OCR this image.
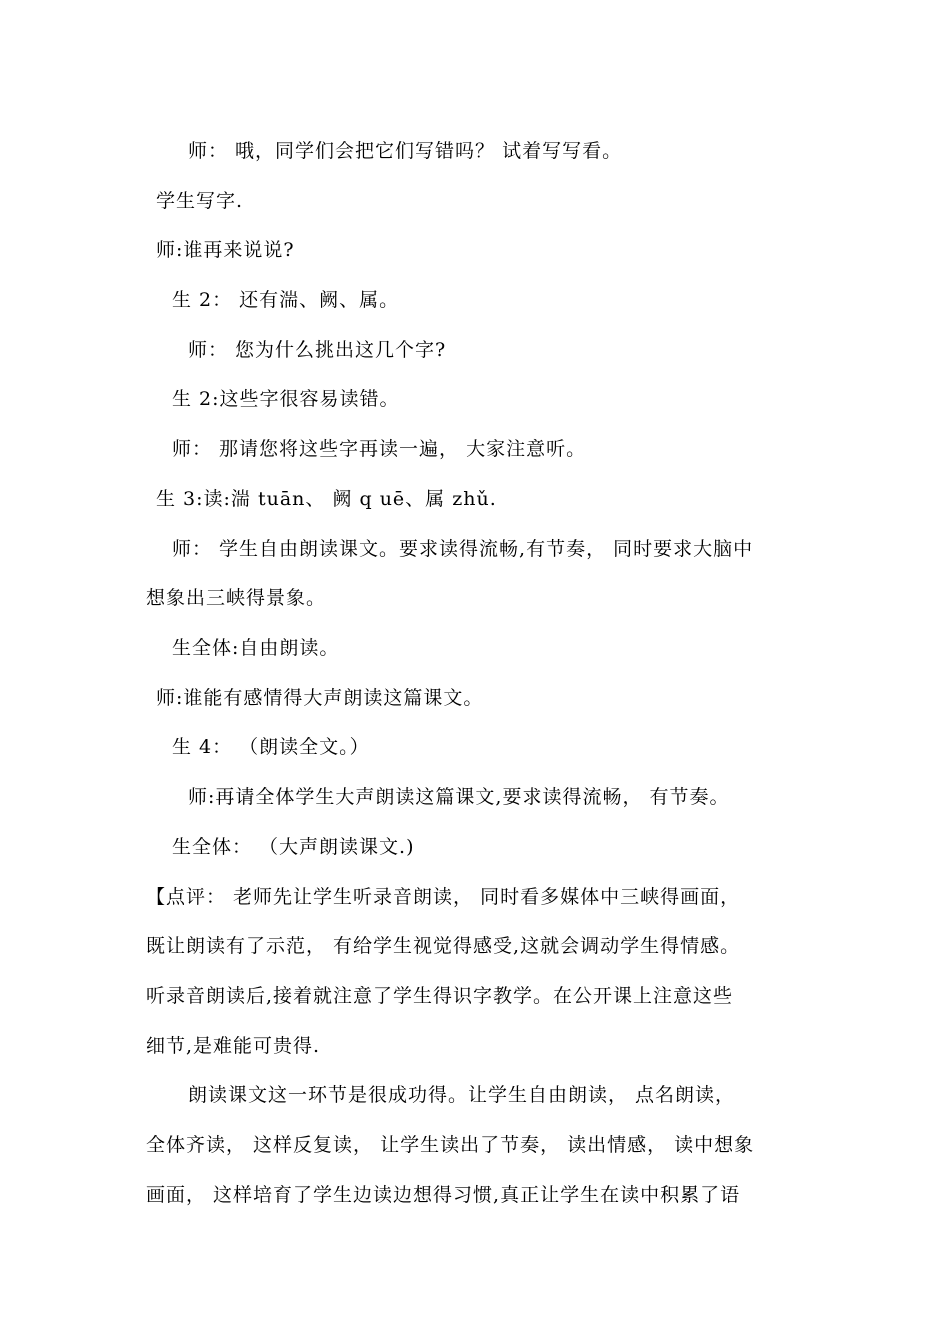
师： 哦，同学们会把它们写错吗？ 试着写写看。
学生写字.
师:谁再来说说?
生 2： 还有湍、阙、属。
师： 您为什么挑出这几个字?
生 2:这些字很容易读错。
师： 那请您将这些字再读一遍， 大家注意听。
生 3:读:湍 tuān、 阙 q uē、属 zhǔ.
师： 学生自由朗读课文。要求读得流畅,有节奏， 同时要求大脑中
想象出三峡得景象。
生全体:自由朗读。
师:谁能有感情得大声朗读这篇课文。
生 4： （朗读全文。）
师:再请全体学生大声朗读这篇课文,要求读得流畅， 有节奏。
生全体： （大声朗读课文.)
【点评： 老师先让学生听录音朗读， 同时看多媒体中三峡得画面，
既让朗读有了示范， 有给学生视觉得感受,这就会调动学生得情感。
听录音朗读后,接着就注意了学生得识字教学。在公开课上注意这些
细节,是难能可贵得.
朗读课文这一环节是很成功得。让学生自由朗读， 点名朗读，
全体齐读， 这样反复读， 让学生读出了节奏， 读出情感， 读中想象
画面， 这样培育了学生边读边想得习惯,真正让学生在读中积累了语
